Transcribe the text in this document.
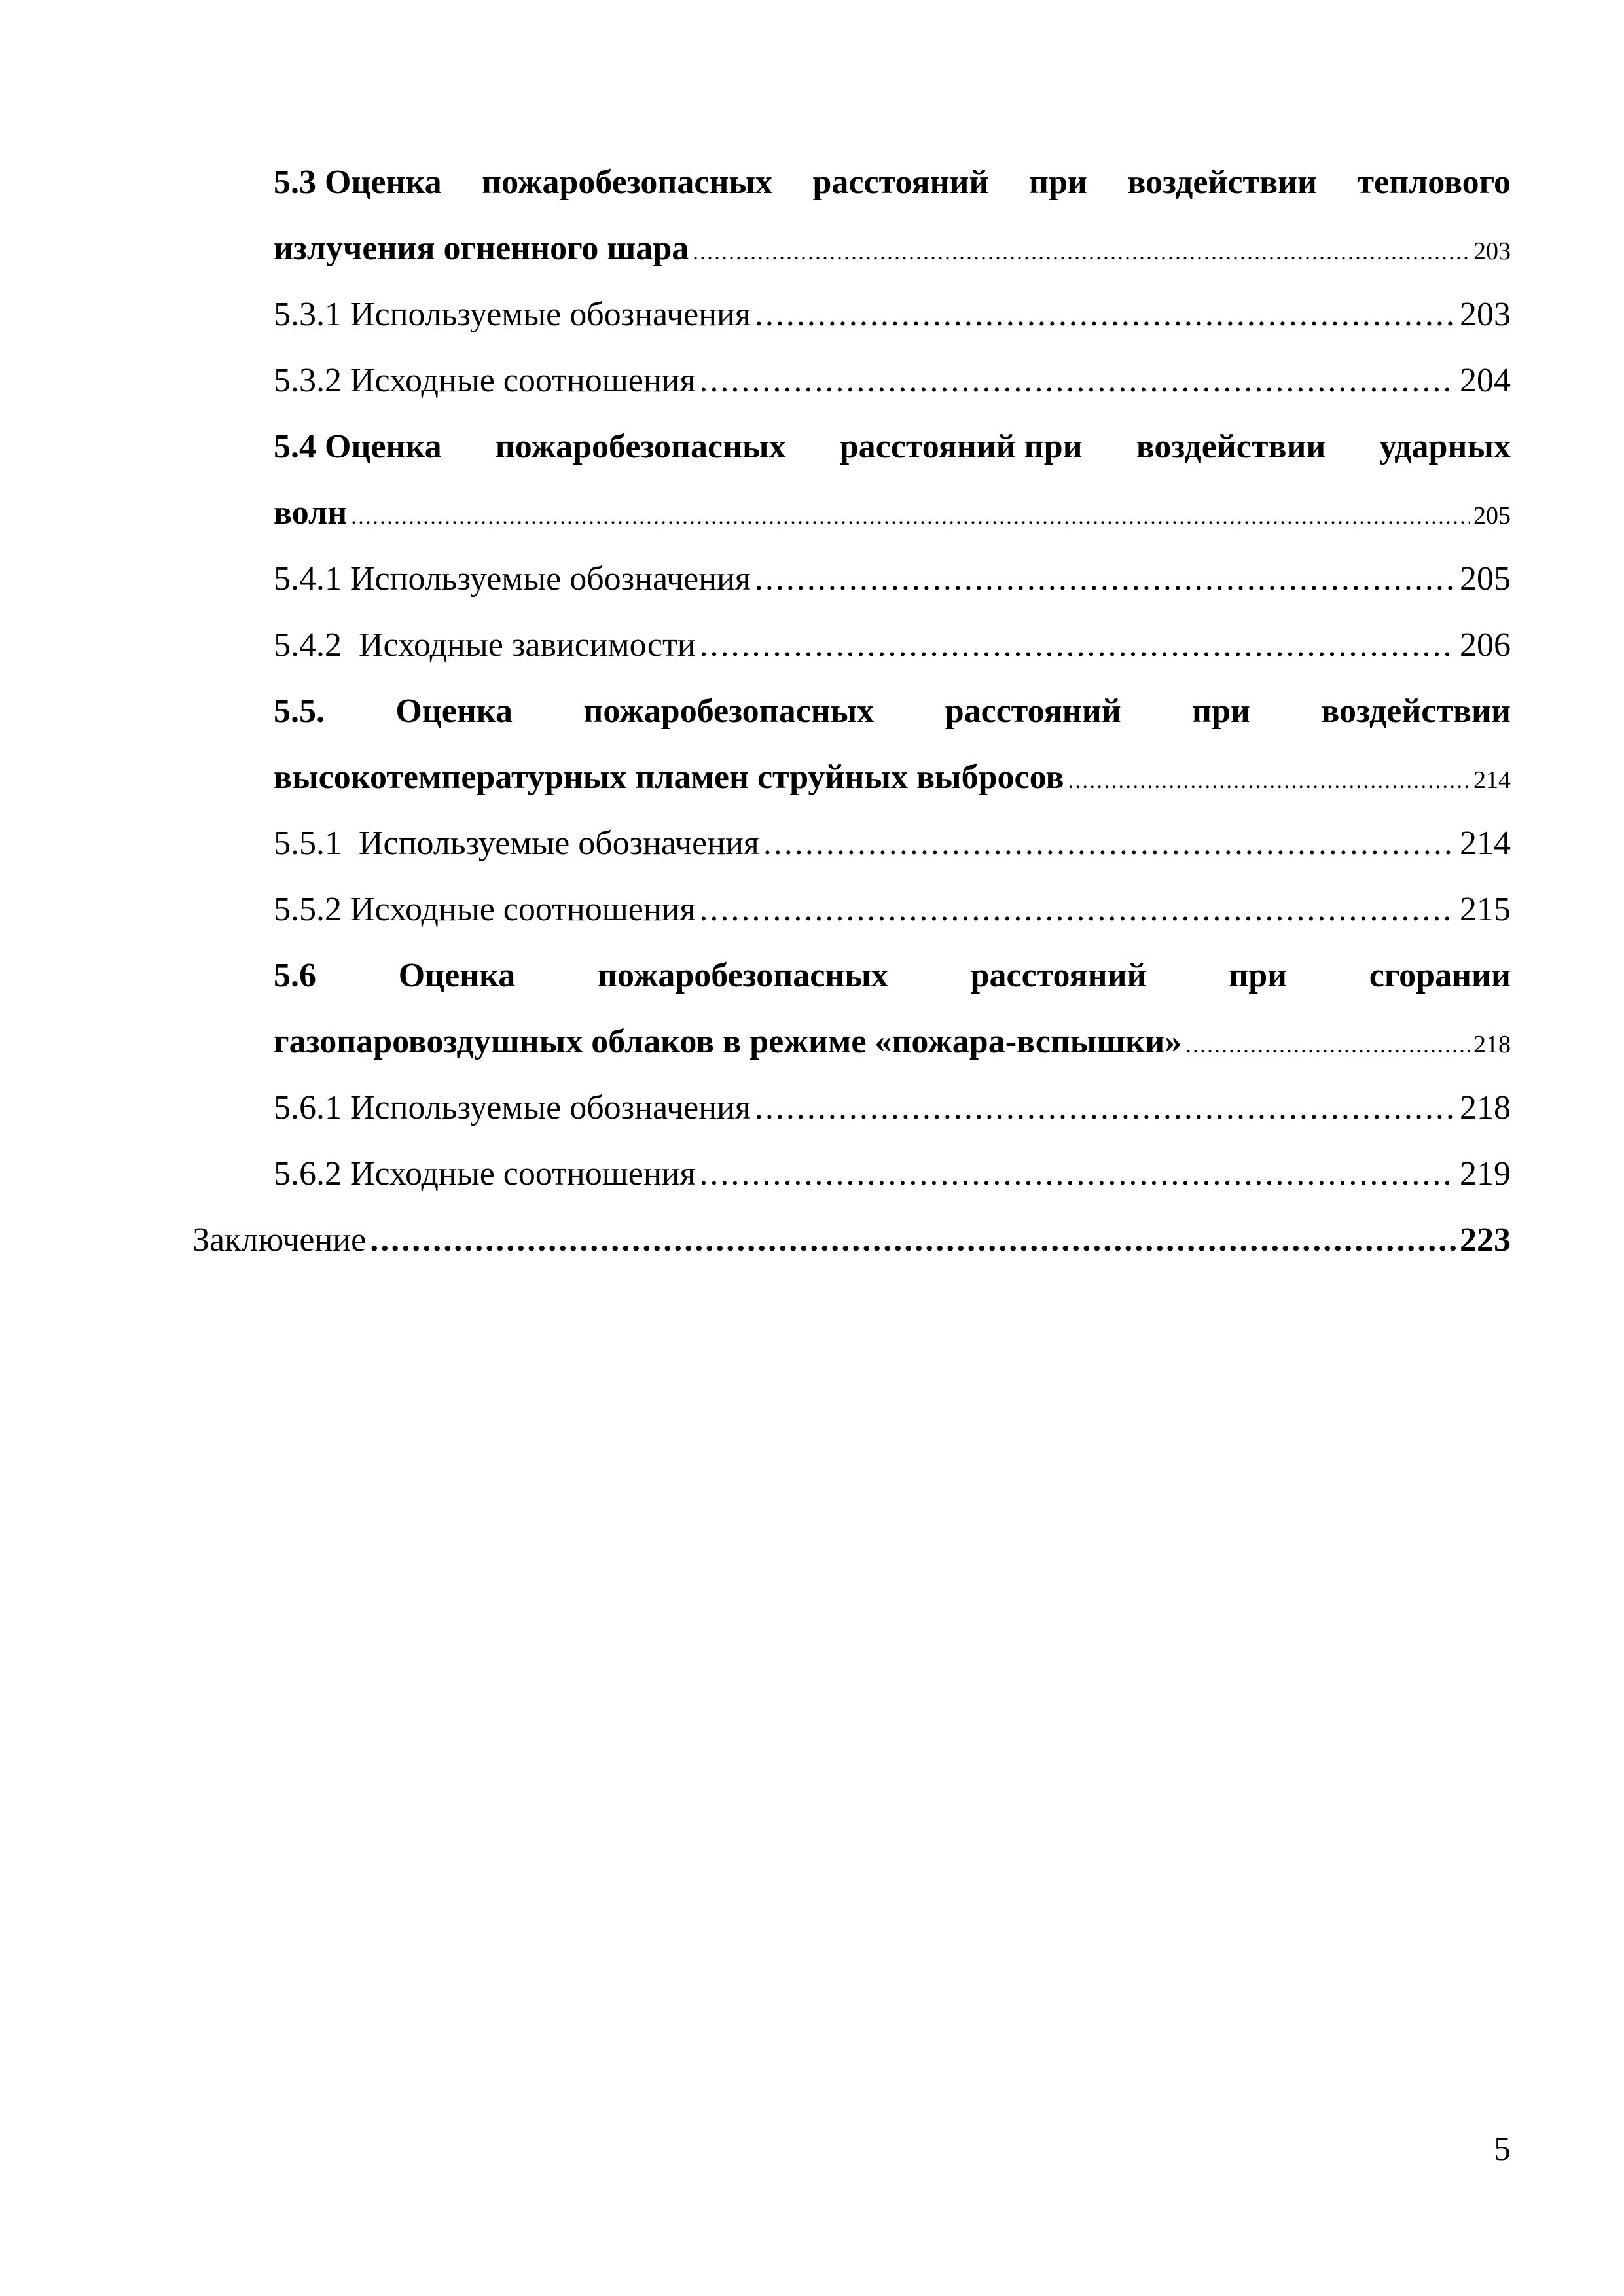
5.3 Оценка пожаробезопасных расстояний при воздействии теплового
излучения огненного шара . . .	203
5.3.1 Используемые обозначения . . .	203
5.3.2 Исходные соотношения . . .	204
5.4 Оценка пожаробезопасных расстояний при воздействии ударных
волн . . .	205
5.4.1 Используемые обозначения . . .	205
5.4.2  Исходные зависимости . . .	206
5.5. Оценка пожаробезопасных расстояний при воздействии
высокотемпературных пламен струйных выбросов . . .	214
5.5.1  Используемые обозначения . . .	214
5.5.2 Исходные соотношения . . .	215
5.6 Оценка пожаробезопасных расстояний при сгорании
газопаровоздушных облаков в режиме «пожара-вспышки» . . .	218
5.6.1 Используемые обозначения . . .	218
5.6.2 Исходные соотношения . . .	219
Заключение . . .	223
5
